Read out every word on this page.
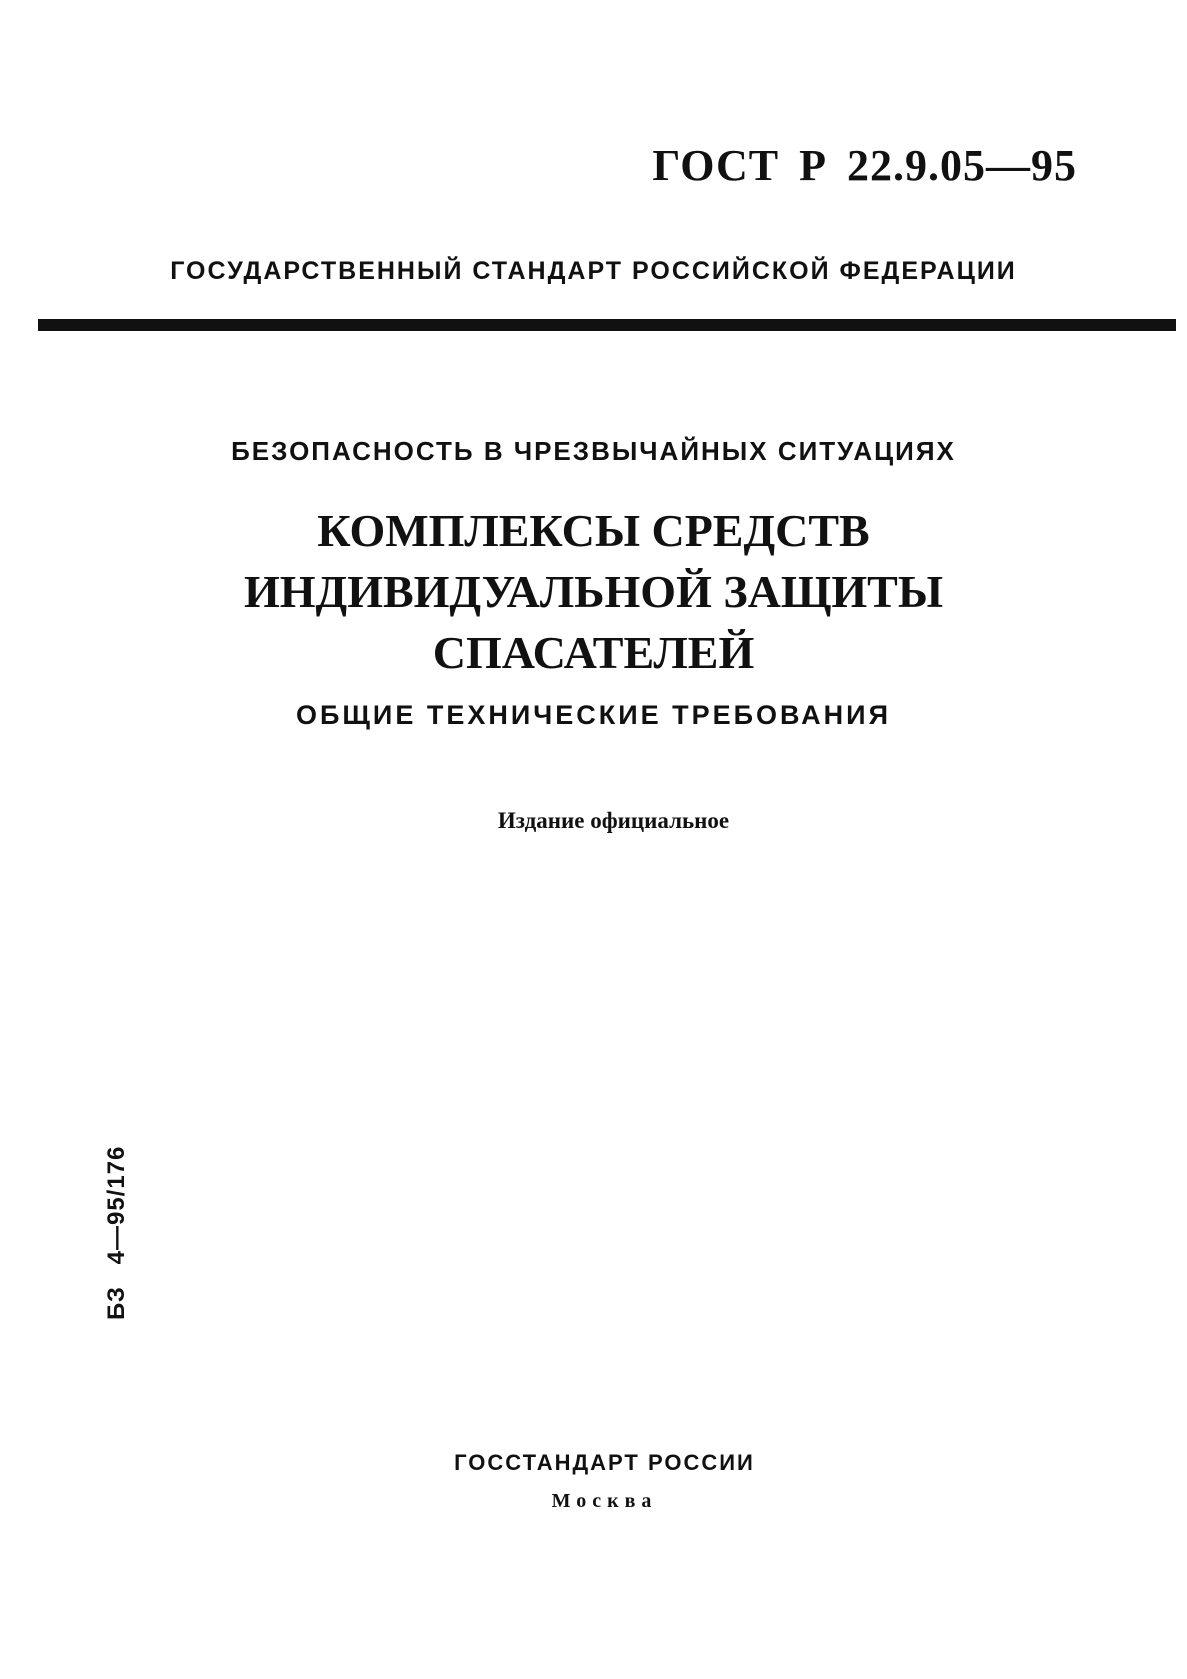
ГОСТ Р 22.9.05—95
ГОСУДАРСТВЕННЫЙ СТАНДАРТ РОССИЙСКОЙ ФЕДЕРАЦИИ
БЕЗОПАСНОСТЬ В ЧРЕЗВЫЧАЙНЫХ СИТУАЦИЯХ
КОМПЛЕКСЫ СРЕДСТВ
ИНДИВИДУАЛЬНОЙ ЗАЩИТЫ
СПАСАТЕЛЕЙ
ОБЩИЕ ТЕХНИЧЕСКИЕ ТРЕБОВАНИЯ
Издание официальное
БЗ 4—95/176
ГОССТАНДАРТ РОССИИ
Москва
